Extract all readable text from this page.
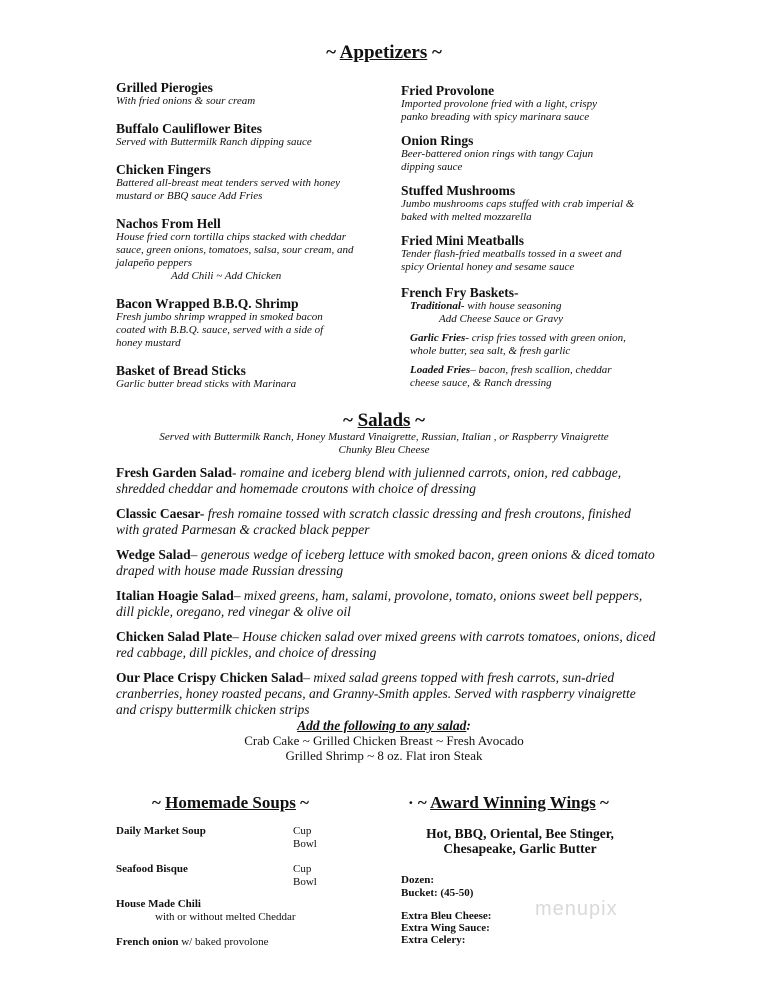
~ Appetizers ~
Grilled Pierogies
With fried onions & sour cream
Buffalo Cauliflower Bites
Served with Buttermilk Ranch dipping sauce
Chicken Fingers
Battered all-breast meat tenders served with honey mustard or BBQ sauce Add Fries
Nachos From Hell
House fried corn tortilla chips stacked with cheddar sauce, green onions, tomatoes, salsa, sour cream, and jalapeño peppers
Add Chili ~ Add Chicken
Bacon Wrapped B.B.Q. Shrimp
Fresh jumbo shrimp wrapped in smoked bacon coated with B.B.Q. sauce, served with a side of honey mustard
Basket of Bread Sticks
Garlic butter bread sticks with Marinara
Fried Provolone
Imported provolone fried with a light, crispy panko breading with spicy marinara sauce
Onion Rings
Beer-battered onion rings with tangy Cajun dipping sauce
Stuffed Mushrooms
Jumbo mushrooms caps stuffed with crab imperial & baked with melted mozzarella
Fried Mini Meatballs
Tender flash-fried meatballs tossed in a sweet and spicy Oriental honey and sesame sauce
French Fry Baskets-
Traditional- with house seasoning
Add Cheese Sauce or Gravy
Garlic Fries- crisp fries tossed with green onion, whole butter, sea salt, & fresh garlic
Loaded Fries– bacon, fresh scallion, cheddar cheese sauce, & Ranch dressing
~ Salads ~
Served with Buttermilk Ranch, Honey Mustard Vinaigrette, Russian, Italian , or Raspberry Vinaigrette
Chunky Bleu Cheese
Fresh Garden Salad- romaine and iceberg blend with julienned carrots, onion, red cabbage, shredded cheddar and homemade croutons with choice of dressing
Classic Caesar- fresh romaine tossed with scratch classic dressing and fresh croutons, finished with grated Parmesan & cracked black pepper
Wedge Salad– generous wedge of iceberg lettuce with smoked bacon, green onions & diced tomato draped with house made Russian dressing
Italian Hoagie Salad– mixed greens, ham, salami, provolone, tomato, onions sweet bell peppers, dill pickle, oregano, red vinegar & olive oil
Chicken Salad Plate– House chicken salad over mixed greens with carrots tomatoes, onions, diced red cabbage, dill pickles, and choice of dressing
Our Place Crispy Chicken Salad– mixed salad greens topped with fresh carrots, sun-dried cranberries, honey roasted pecans, and Granny-Smith apples. Served with raspberry vinaigrette and crispy buttermilk chicken strips
Add the following to any salad:
Crab Cake ~ Grilled Chicken Breast ~ Fresh Avocado
Grilled Shrimp ~ 8 oz. Flat iron Steak
~ Homemade Soups ~
Daily Market Soup	Cup
Bowl
Seafood Bisque	Cup
Bowl
House Made Chili
with or without melted Cheddar
French onion w/ baked provolone
· ~ Award Winning Wings ~
Hot, BBQ, Oriental, Bee Stinger,
Chesapeake, Garlic Butter
Dozen:
Bucket: (45-50)
Extra Bleu Cheese:
Extra Wing Sauce:
Extra Celery:
menupix
